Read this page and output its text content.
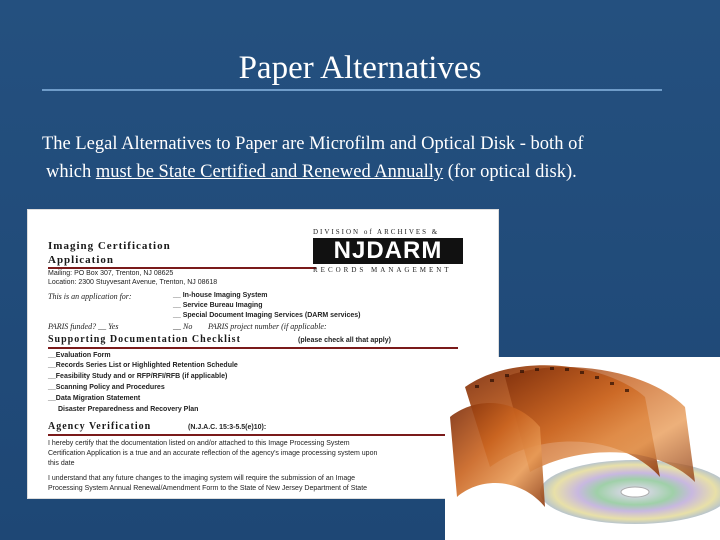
Paper Alternatives
The Legal Alternatives to Paper are Microfilm and Optical Disk - both of
which must be State Certified and Renewed Annually (for optical disk).
Imaging Certification
Application
Mailing: PO Box 307, Trenton, NJ 08625
Location: 2300 Stuyvesant Avenue, Trenton, NJ 08618
DIVISION of ARCHIVES &
NJDARM
RECORDS MANAGEMENT
This is an application for:	__ In-house Imaging System
__ Service Bureau Imaging
__ Special Document Imaging Services (DARM services)
PARIS funded? __ Yes	__ No PARIS project number (if applicable:
Supporting Documentation Checklist	(please check all that apply)
__Evaluation Form
__Records Series List or Highlighted Retention Schedule
__Feasibility Study and or RFP/RFI/RFB (if applicable)
__Scanning Policy and Procedures
__Data Migration Statement
Disaster Preparedness and Recovery Plan
Agency Verification	(N.J.A.C. 15:3-5.5(e)10):
I hereby certify that the documentation listed on and/or attached to this Image Processing System
Certification Application is a true and an accurate reflection of the agency's image processing system upon
this date
I understand that any future changes to the imaging system will require the submission of an Image
Processing System Annual Renewal/Amendment Form to the State of New Jersey Department of State
